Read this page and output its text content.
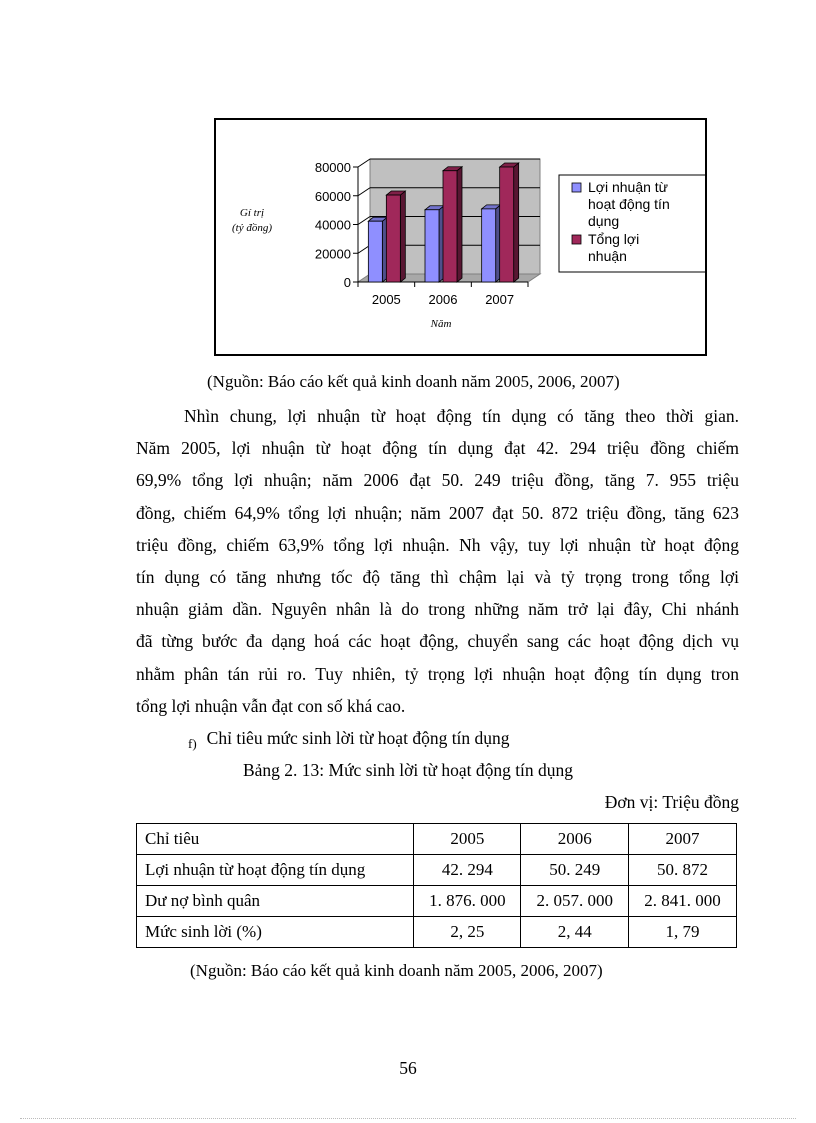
0
20000
40000
60000
80000
2005 2006 2007
Gí trị
(tỷ đồng)
Năm
Lợi nhuận từ
hoạt động tín
dụng
Tổng lợi
nhuận
(Nguồn: Báo cáo kết quả kinh doanh năm 2005, 2006, 2007)
Nhìn chung, lợi nhuận từ hoạt động tín dụng có tăng theo thời gian.
Năm 2005, lợi nhuận từ hoạt động tín dụng đạt 42. 294 triệu đồng chiếm
69,9% tổng lợi nhuận; năm 2006 đạt 50. 249 triệu đồng, tăng 7. 955 triệu
đồng, chiếm 64,9% tổng lợi nhuận; năm 2007 đạt 50. 872 triệu đồng, tăng 623
triệu đồng, chiếm 63,9% tổng lợi nhuận. Nh vậy, tuy lợi nhuận từ hoạt động
tín dụng có tăng nhưng tốc độ tăng thì chậm lại và tỷ trọng trong tổng lợi
nhuận giảm dần. Nguyên nhân là do trong những năm trở lại đây, Chi nhánh
đã từng bước đa dạng hoá các hoạt động, chuyển sang các hoạt động dịch vụ
nhằm phân tán rủi ro. Tuy nhiên, tỷ trọng lợi nhuận hoạt động tín dụng tron
tổng lợi nhuận vẫn đạt con số khá cao.
$_{f)}$ Chỉ tiêu mức sinh lời từ hoạt động tín dụng
Bảng 2. 13: Mức sinh lời từ hoạt động tín dụng
Đơn vị: Triệu đồng
Chỉ tiêu	2005	2006	2007
Lợi nhuận từ hoạt động tín dụng	42. 294	50. 249	50. 872
Dư nợ bình quân	1. 876. 000	2. 057. 000	2. 841. 000
Mức sinh lời (%)	2, 25	2, 44	1, 79
(Nguồn: Báo cáo kết quả kinh doanh năm 2005, 2006, 2007)
56
